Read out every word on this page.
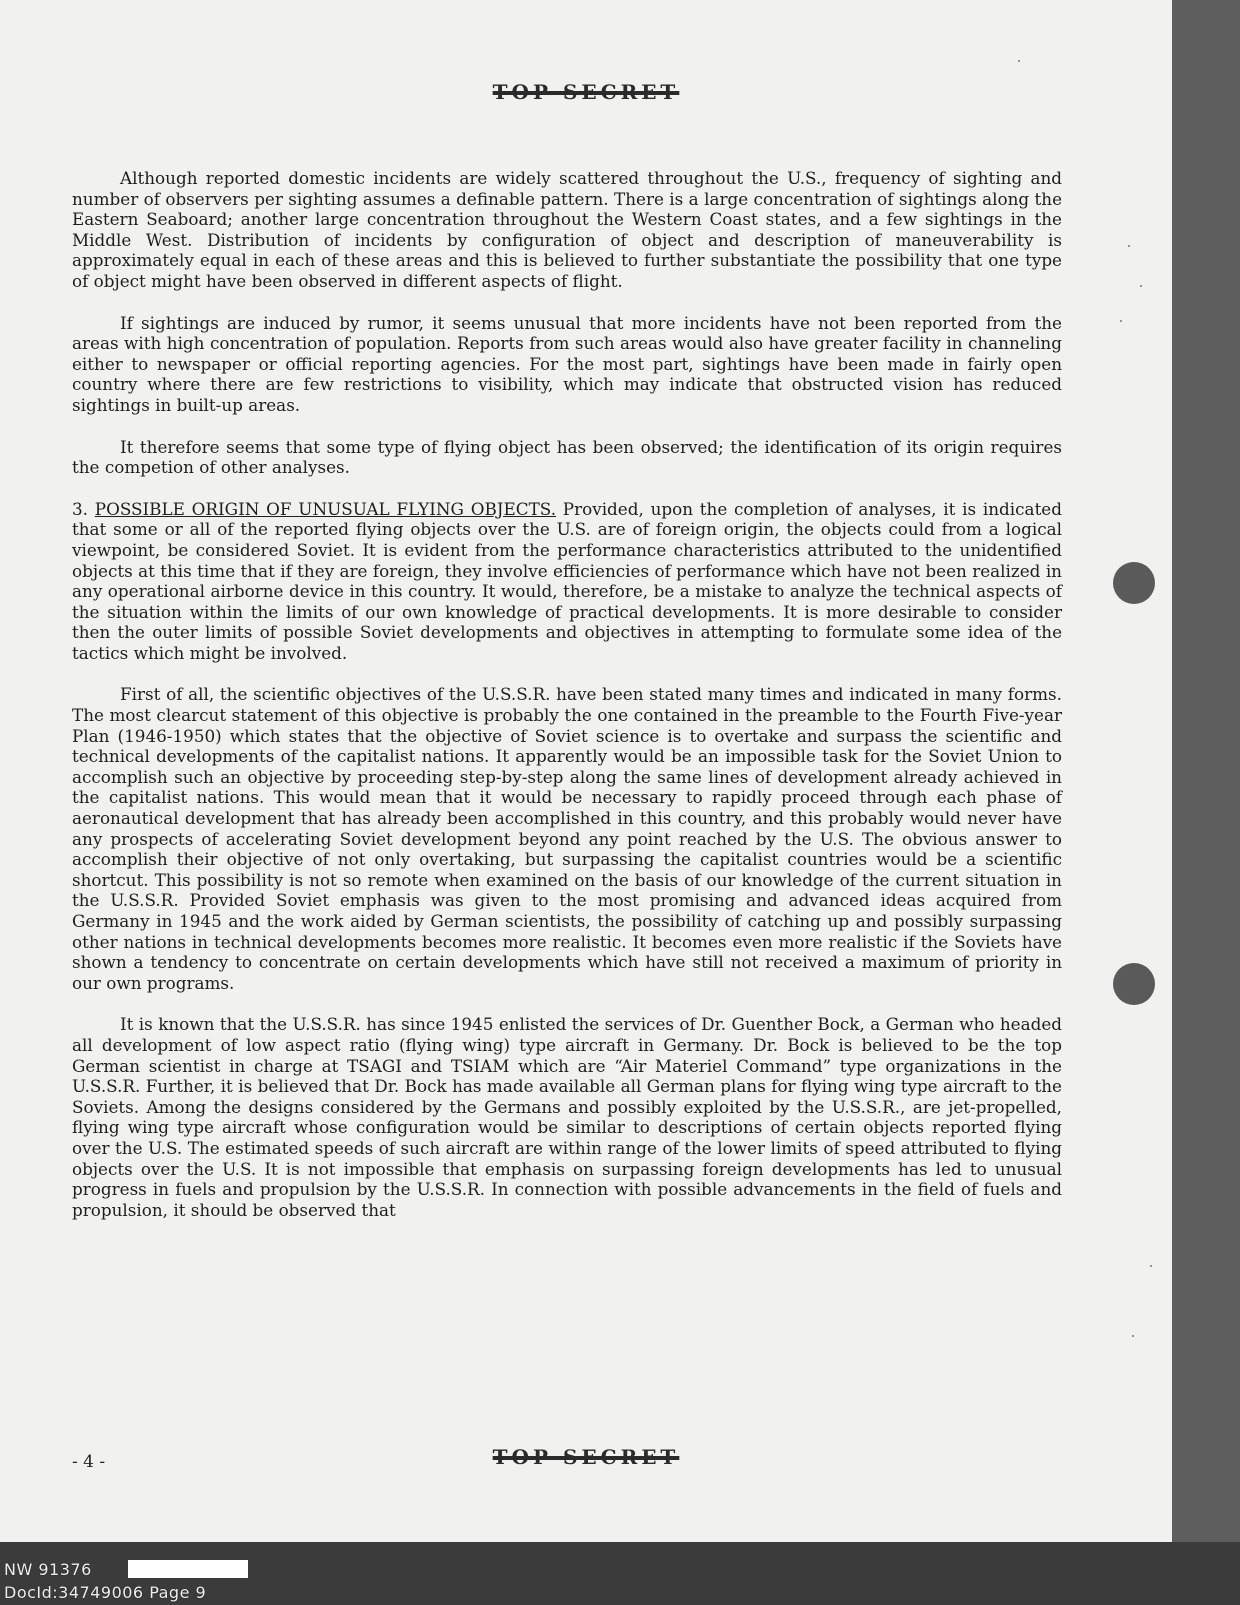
TOP SECRET

Although reported domestic incidents are widely scattered throughout the U.S., frequency of sighting and number of observers per sighting assumes a definable pattern. There is a large concentration of sightings along the Eastern Seaboard; another large concentration throughout the Western Coast states, and a few sightings in the Middle West. Distribution of incidents by configuration of object and description of maneuverability is approximately equal in each of these areas and this is believed to further substantiate the possibility that one type of object might have been observed in different aspects of flight.

If sightings are induced by rumor, it seems unusual that more incidents have not been reported from the areas with high concentration of population. Reports from such areas would also have greater facility in channeling either to newspaper or official reporting agencies. For the most part, sightings have been made in fairly open country where there are few restrictions to visibility, which may indicate that obstructed vision has reduced sightings in built-up areas.

It therefore seems that some type of flying object has been observed; the identification of its origin requires the competion of other analyses.

3. POSSIBLE ORIGIN OF UNUSUAL FLYING OBJECTS. Provided, upon the completion of analyses, it is indicated that some or all of the reported flying objects over the U.S. are of foreign origin, the objects could from a logical viewpoint, be considered Soviet. It is evident from the performance characteristics attributed to the unidentified objects at this time that if they are foreign, they involve efficiencies of performance which have not been realized in any operational airborne device in this country. It would, therefore, be a mistake to analyze the technical aspects of the situation within the limits of our own knowledge of practical developments. It is more desirable to consider then the outer limits of possible Soviet developments and objectives in attempting to formulate some idea of the tactics which might be involved.

First of all, the scientific objectives of the U.S.S.R. have been stated many times and indicated in many forms. The most clearcut statement of this objective is probably the one contained in the preamble to the Fourth Five-year Plan (1946-1950) which states that the objective of Soviet science is to overtake and surpass the scientific and technical developments of the capitalist nations. It apparently would be an impossible task for the Soviet Union to accomplish such an objective by proceeding step-by-step along the same lines of development already achieved in the capitalist nations. This would mean that it would be necessary to rapidly proceed through each phase of aeronautical development that has already been accomplished in this country, and this probably would never have any prospects of accelerating Soviet development beyond any point reached by the U.S. The obvious answer to accomplish their objective of not only overtaking, but surpassing the capitalist countries would be a scientific shortcut. This possibility is not so remote when examined on the basis of our knowledge of the current situation in the U.S.S.R. Provided Soviet emphasis was given to the most promising and advanced ideas acquired from Germany in 1945 and the work aided by German scientists, the possibility of catching up and possibly surpassing other nations in technical developments becomes more realistic. It becomes even more realistic if the Soviets have shown a tendency to concentrate on certain developments which have still not received a maximum of priority in our own programs.

It is known that the U.S.S.R. has since 1945 enlisted the services of Dr. Guenther Bock, a German who headed all development of low aspect ratio (flying wing) type aircraft in Germany. Dr. Bock is believed to be the top German scientist in charge at TSAGI and TSIAM which are “Air Materiel Command” type organizations in the U.S.S.R. Further, it is believed that Dr. Bock has made available all German plans for flying wing type aircraft to the Soviets. Among the designs considered by the Germans and possibly exploited by the U.S.S.R., are jet-propelled, flying wing type aircraft whose configuration would be similar to descriptions of certain objects reported flying over the U.S. The estimated speeds of such aircraft are within range of the lower limits of speed attributed to flying objects over the U.S. It is not impossible that emphasis on surpassing foreign developments has led to unusual progress in fuels and propulsion by the U.S.S.R. In connection with possible advancements in the field of fuels and propulsion, it should be observed that

- 4 -	TOP SECRET
NW 91376
DocId:34749006 Page 9
